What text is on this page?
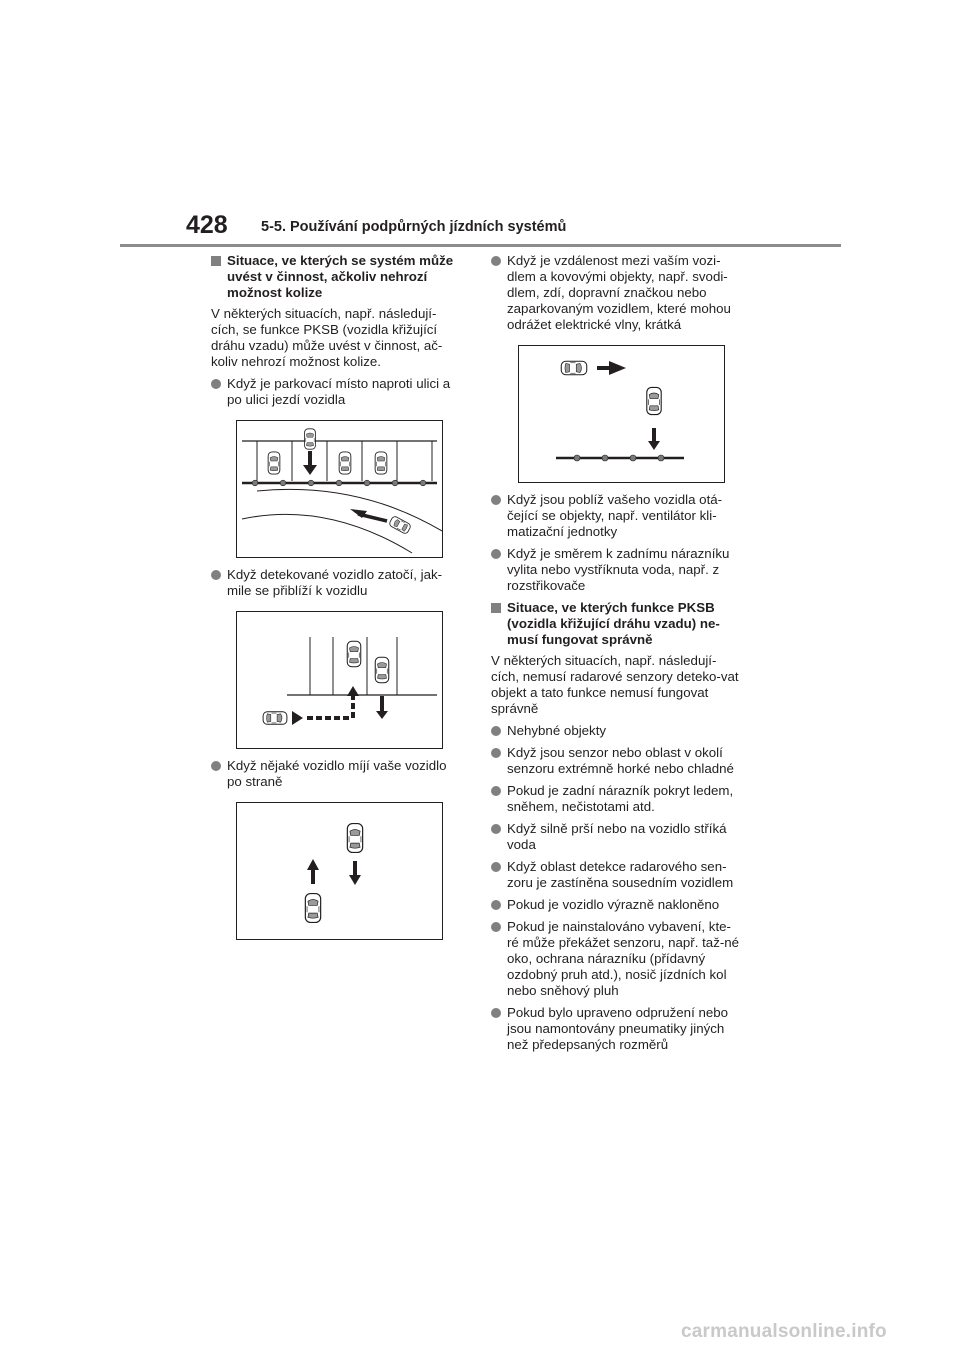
428 5-5. Používání podpůrných jízdních systémů
Situace, ve kterých se systém může uvést v činnost, ačkoliv nehrozí možnost kolize
V některých situacích, např. následují-cích, se funkce PKSB (vozidla křižující dráhu vzadu) může uvést v činnost, ač-koliv nehrozí možnost kolize.
Když je parkovací místo naproti ulici a po ulici jezdí vozidla
Když detekované vozidlo zatočí, jak-mile se přiblíží k vozidlu
Když nějaké vozidlo míjí vaše vozidlo po straně
Když je vzdálenost mezi vaším vozi-dlem a kovovými objekty, např. svodi-dlem, zdí, dopravní značkou nebo zaparkovaným vozidlem, které mohou odrážet elektrické vlny, krátká
Když jsou poblíž vašeho vozidla otá-čející se objekty, např. ventilátor kli-matizační jednotky
Když je směrem k zadnímu nárazníku vylita nebo vystříknuta voda, např. z rozstřikovače
Situace, ve kterých funkce PKSB (vozidla křižující dráhu vzadu) ne-musí fungovat správně
V některých situacích, např. následují-cích, nemusí radarové senzory deteko-vat objekt a tato funkce nemusí fungovat správně
Nehybné objekty
Když jsou senzor nebo oblast v okolí senzoru extrémně horké nebo chladné
Pokud je zadní nárazník pokryt ledem, sněhem, nečistotami atd.
Když silně prší nebo na vozidlo stříká voda
Když oblast detekce radarového sen-zoru je zastíněna sousedním vozidlem
Pokud je vozidlo výrazně nakloněno
Pokud je nainstalováno vybavení, kte-ré může překážet senzoru, např. taž-né oko, ochrana nárazníku (přídavný ozdobný pruh atd.), nosič jízdních kol nebo sněhový pluh
Pokud bylo upraveno odpružení nebo jsou namontovány pneumatiky jiných než předepsaných rozměrů
carmanualsonline.info
